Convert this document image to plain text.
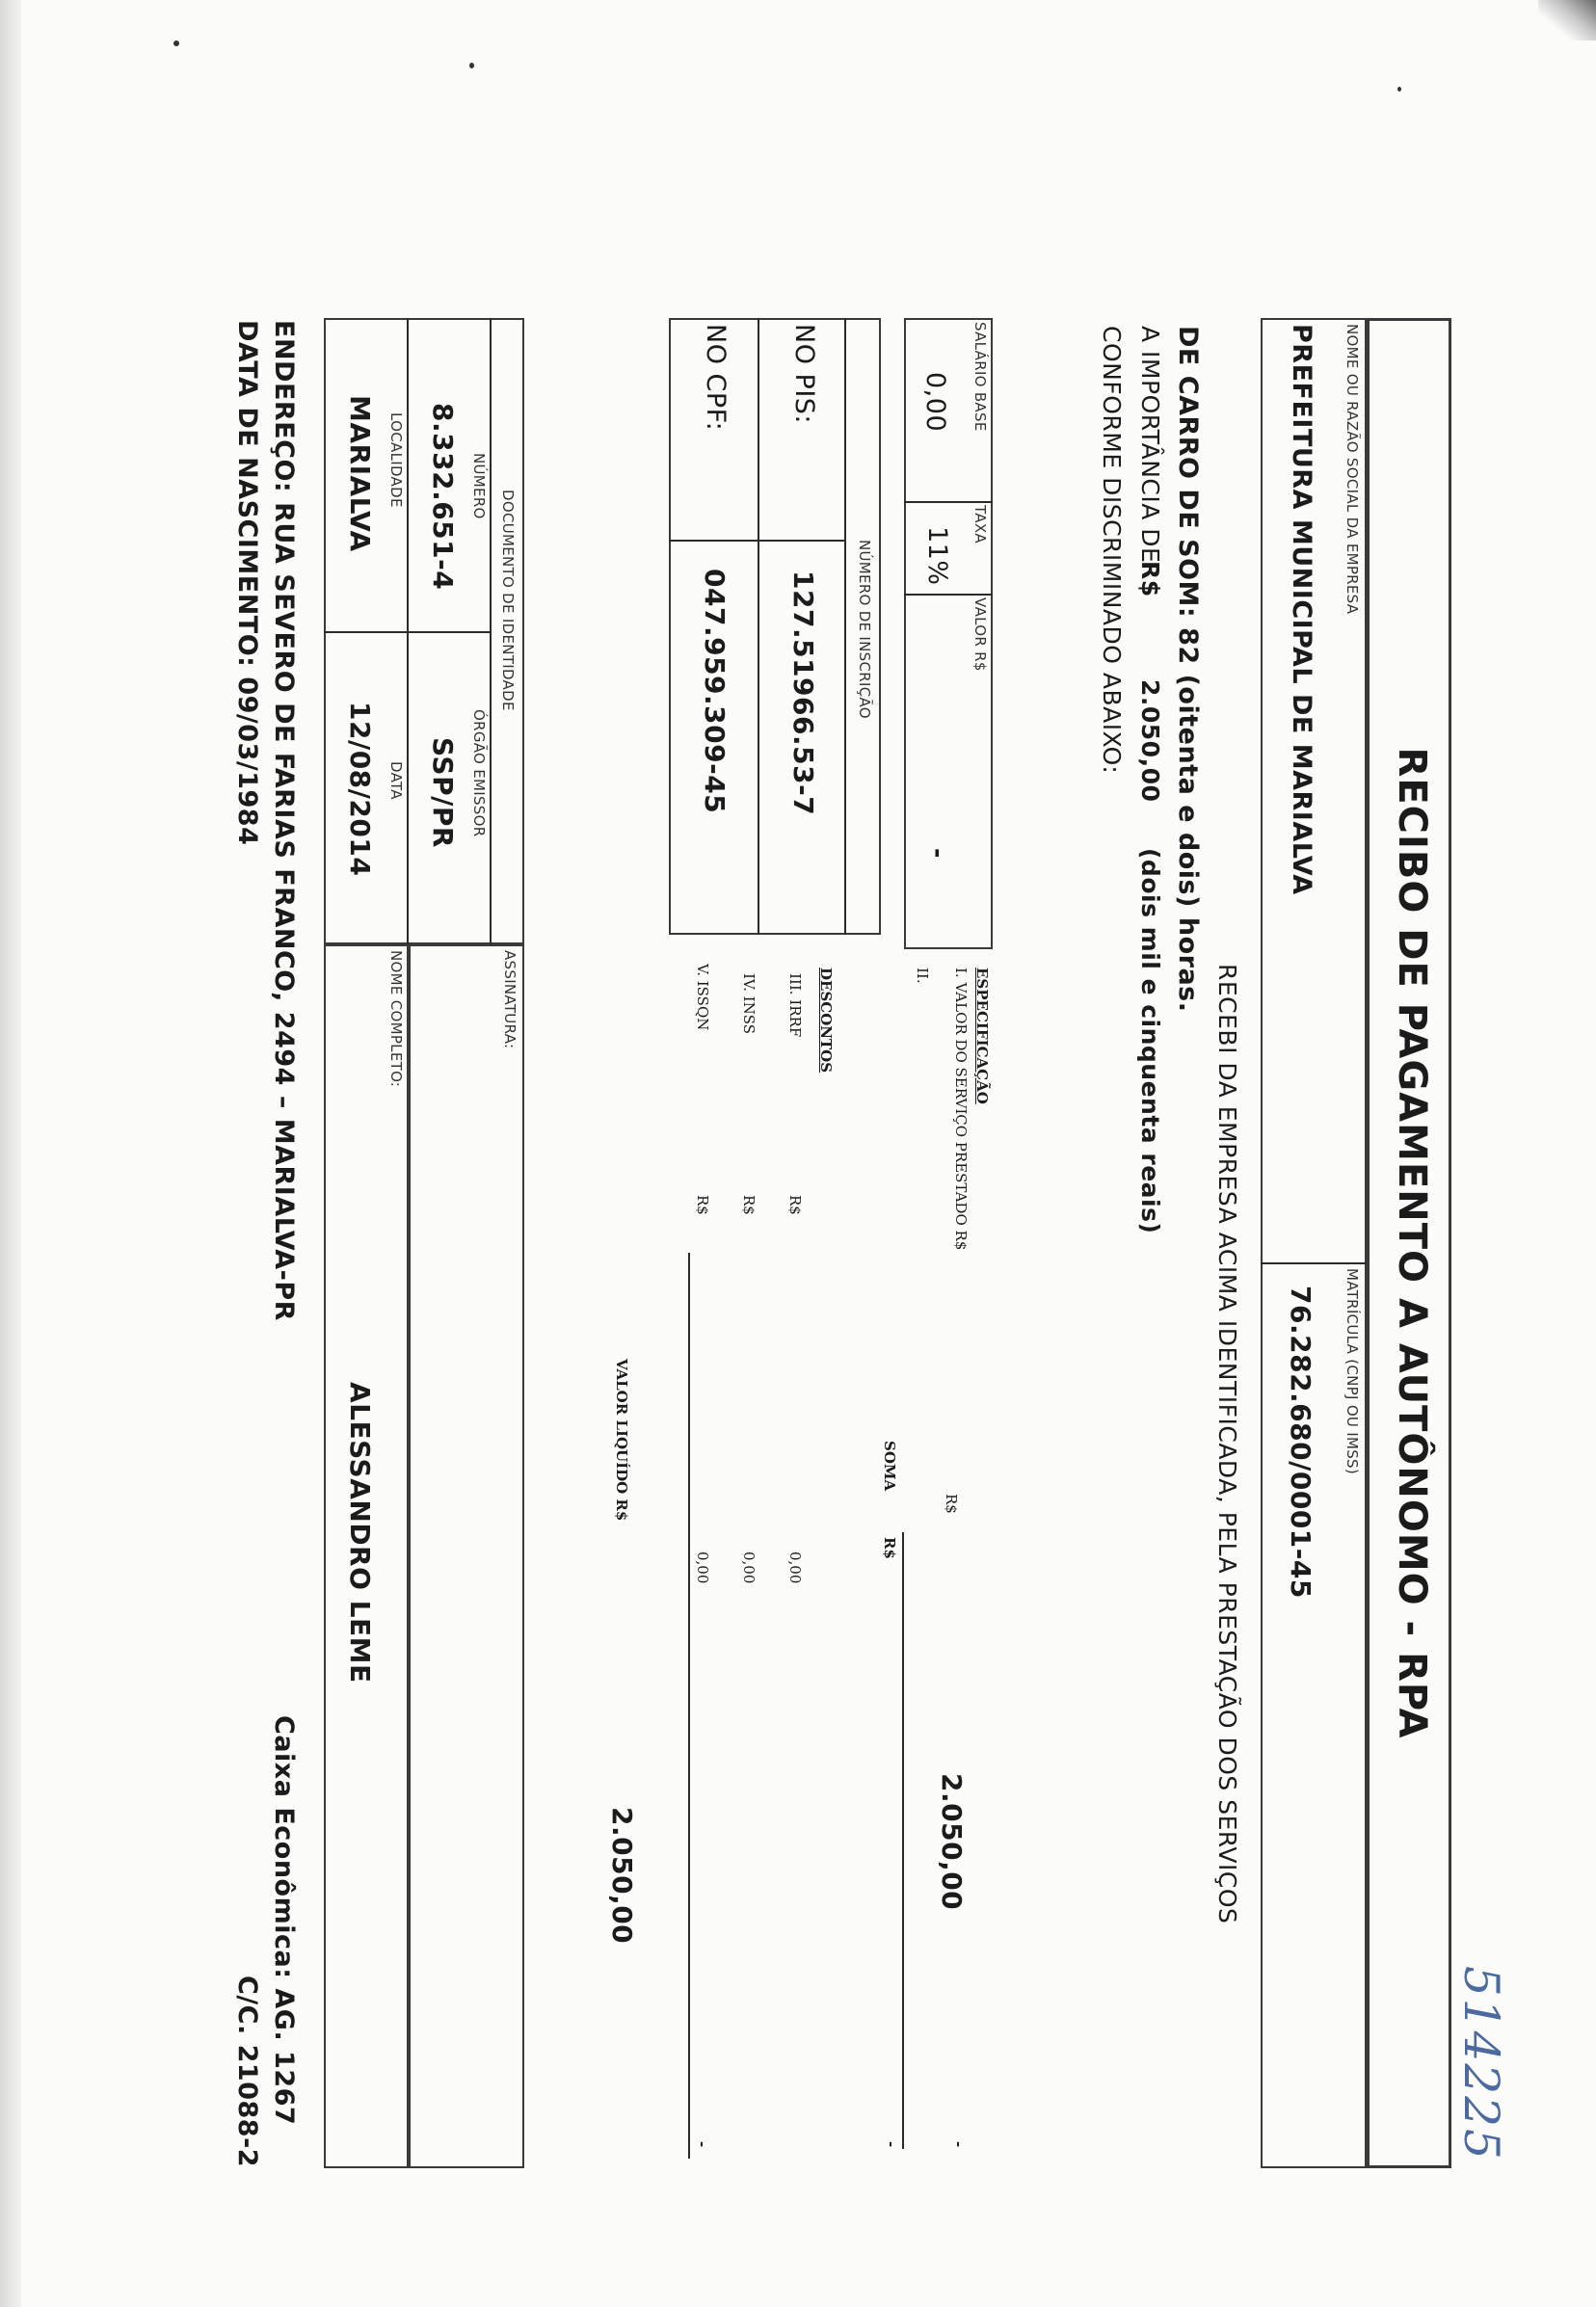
RECIBO DE PAGAMENTO A AUTÔNOMO - RPA
514225
NOME OU RAZÃO SOCIAL DA EMPRESA
PREFEITURA MUNICIPAL DE MARIALVA
MATRÍCULA (CNPJ OU IMSS)
76.282.680/0001-45
RECEBI DA EMPRESA ACIMA IDENTIFICADA, PELA PRESTAÇÃO DOS SERVIÇOS
DE CARRO DE SOM: 82 (oitenta e dois) horas.
A IMPORTÂNCIA DE
R$
2.050,00
(dois mil e cinquenta reais)
CONFORME DISCRIMINADO ABAIXO:
SALÁRIO BASE
0,00
TAXA
11%
VALOR R$
-
ESPECIFICAÇÃO
I. VALOR DO SERVIÇO PRESTADO R$
R$
2.050,00
-
II.
SOMA
R$
-
NÚMERO DE INSCRIÇÃO
NO PIS:
127.51966.53-7
NO CPF:
047.959.309-45
DESCONTOS
III. IRRF
R$
0,00
IV. INSS
R$
0,00
V. ISSQN
R$
0,00
-
VALOR LIQUÍDO R$
2.050,00
DOCUMENTO DE IDENTIDADE
NÚMERO
8.332.651-4
ÓRGÃO EMISSOR
SSP/PR
LOCALIDADE
MARIALVA
DATA
12/08/2014
ASSINATURA:
NOME COMPLETO:
ALESSANDRO LEME
ENDEREÇO: RUA SEVERO DE FARIAS FRANCO, 2494 – MARIALVA-PR
DATA DE NASCIMENTO: 09/03/1984
Caixa Econômica: AG. 1267
C/C. 21088-2
